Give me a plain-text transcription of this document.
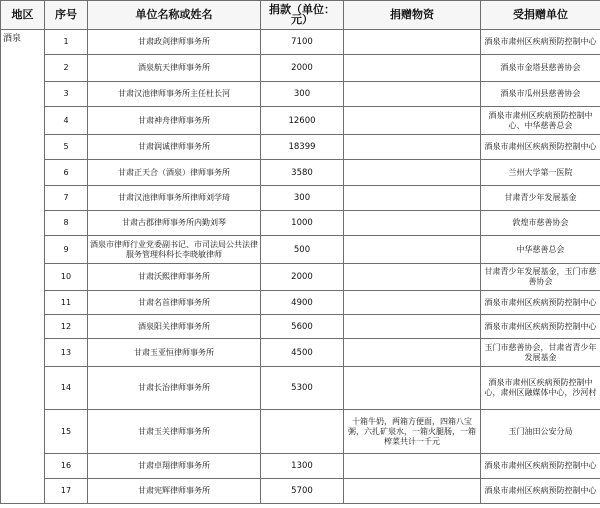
地区	序号	单位名称或姓名	捐款（单位：元）	捐赠物资	受捐赠单位
酒泉	1	甘肃政剑律师事务所	7100		酒泉市肃州区疾病预防控制中心
	2	酒泉航天律师事务所	2000		酒泉市金塔县慈善协会
	3	甘肃汉池律师事务所主任杜长河	300		酒泉市瓜州县慈善协会
	4	甘肃神舟律师事务所	12600		酒泉市肃州区疾病预防控制中心、中华慈善总会
	5	甘肃润诚律师事务所	18399		酒泉市肃州区疾病预防控制中心
	6	甘肃正天合（酒泉）律师事务所	3580		兰州大学第一医院
	7	甘肃汉池律师事务所律师刘学琦	300		甘肃青少年发展基金
	8	甘肃古郡律师事务所内勤刘琴	1000		敦煌市慈善协会
	9	酒泉市律师行业党委副书记、市司法局公共法律服务管理科科长李晓敏律师	500		中华慈善总会
	10	甘肃沃熙律师事务所	2000		甘肃青少年发展基金，玉门市慈善协会
	11	甘肃名首律师事务所	4900		酒泉市肃州区疾病预防控制中心
	12	酒泉阳关律师事务所	5600		酒泉市肃州区疾病预防控制中心
	13	甘肃玉亚恒律师事务所	4500		玉门市慈善协会，甘肃省青少年发展基金
	14	甘肃长治律师事务所	5300		酒泉市肃州区疾病预防控制中心，肃州区融媒体中心，沙河村
	15	甘肃玉关律师事务所		十箱牛奶，两箱方便面，四箱八宝粥，六扎矿泉水，一箱火腿肠，一箱榨菜共计一千元	玉门油田公安分局
	16	甘肃卓翔律师事务所	1300		酒泉市肃州区疾病预防控制中心
	17	甘肃宪辉律师事务所	5700		酒泉市肃州区疾病预防控制中心
